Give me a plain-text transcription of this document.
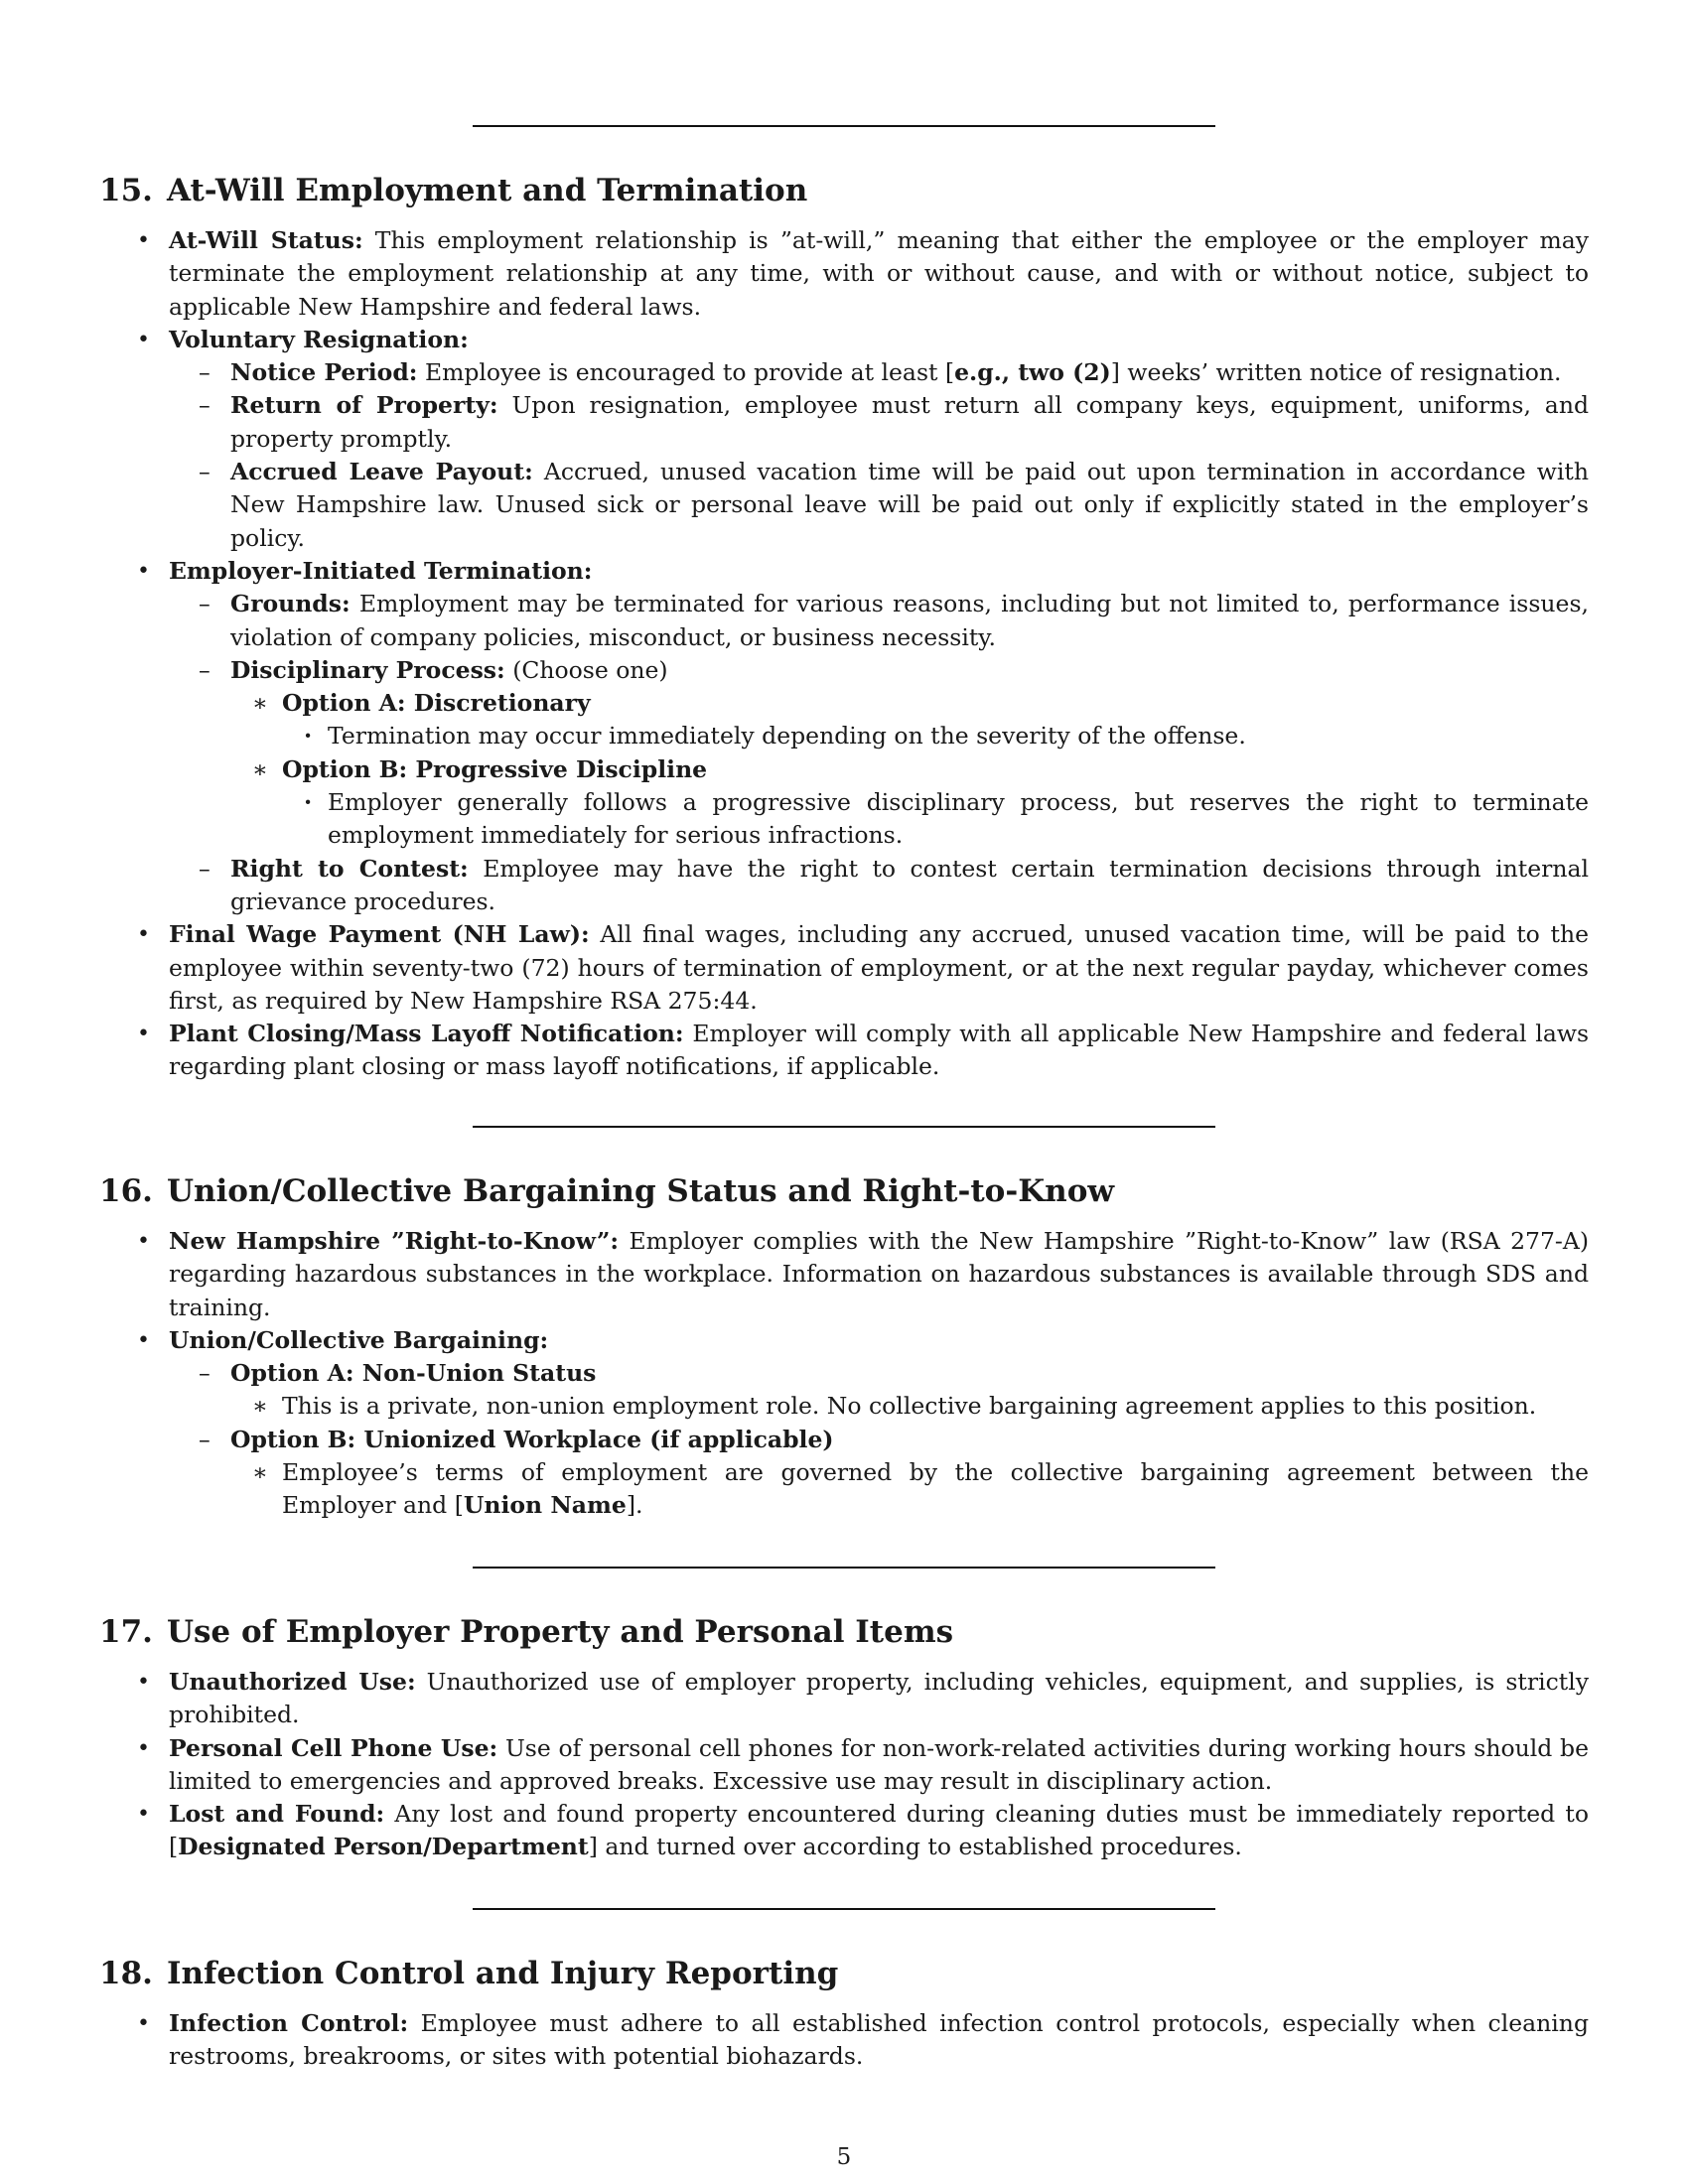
15. At-Will Employment and Termination
• At-Will Status: This employment relationship is ”at-will,” meaning that either the employee or the employer may terminate the employment relationship at any time, with or without cause, and with or without notice, subject to applicable New Hampshire and federal laws.
• Voluntary Resignation:
– Notice Period: Employee is encouraged to provide at least [e.g., two (2)] weeks’ written notice of resignation.
– Return of Property: Upon resignation, employee must return all company keys, equipment, uniforms, and property promptly.
– Accrued Leave Payout: Accrued, unused vacation time will be paid out upon termination in accordance with New Hampshire law. Unused sick or personal leave will be paid out only if explicitly stated in the employer’s policy.
• Employer-Initiated Termination:
– Grounds: Employment may be terminated for various reasons, including but not limited to, performance issues, violation of company policies, misconduct, or business necessity.
– Disciplinary Process: (Choose one)
∗ Option A: Discretionary
· Termination may occur immediately depending on the severity of the offense.
∗ Option B: Progressive Discipline
· Employer generally follows a progressive disciplinary process, but reserves the right to terminate employment immediately for serious infractions.
– Right to Contest: Employee may have the right to contest certain termination decisions through internal grievance procedures.
• Final Wage Payment (NH Law): All final wages, including any accrued, unused vacation time, will be paid to the employee within seventy-two (72) hours of termination of employment, or at the next regular payday, whichever comes first, as required by New Hampshire RSA 275:44.
• Plant Closing/Mass Layoff Notification: Employer will comply with all applicable New Hampshire and federal laws regarding plant closing or mass layoff notifications, if applicable.
16. Union/Collective Bargaining Status and Right-to-Know
• New Hampshire ”Right-to-Know”: Employer complies with the New Hampshire ”Right-to-Know” law (RSA 277-A) regarding hazardous substances in the workplace. Information on hazardous substances is available through SDS and training.
• Union/Collective Bargaining:
– Option A: Non-Union Status
∗ This is a private, non-union employment role. No collective bargaining agreement applies to this position.
– Option B: Unionized Workplace (if applicable)
∗ Employee’s terms of employment are governed by the collective bargaining agreement between the Employer and [Union Name].
17. Use of Employer Property and Personal Items
• Unauthorized Use: Unauthorized use of employer property, including vehicles, equipment, and supplies, is strictly prohibited.
• Personal Cell Phone Use: Use of personal cell phones for non-work-related activities during working hours should be limited to emergencies and approved breaks. Excessive use may result in disciplinary action.
• Lost and Found: Any lost and found property encountered during cleaning duties must be immediately reported to [Designated Person/Department] and turned over according to established procedures.
18. Infection Control and Injury Reporting
• Infection Control: Employee must adhere to all established infection control protocols, especially when cleaning restrooms, breakrooms, or sites with potential biohazards.
5
